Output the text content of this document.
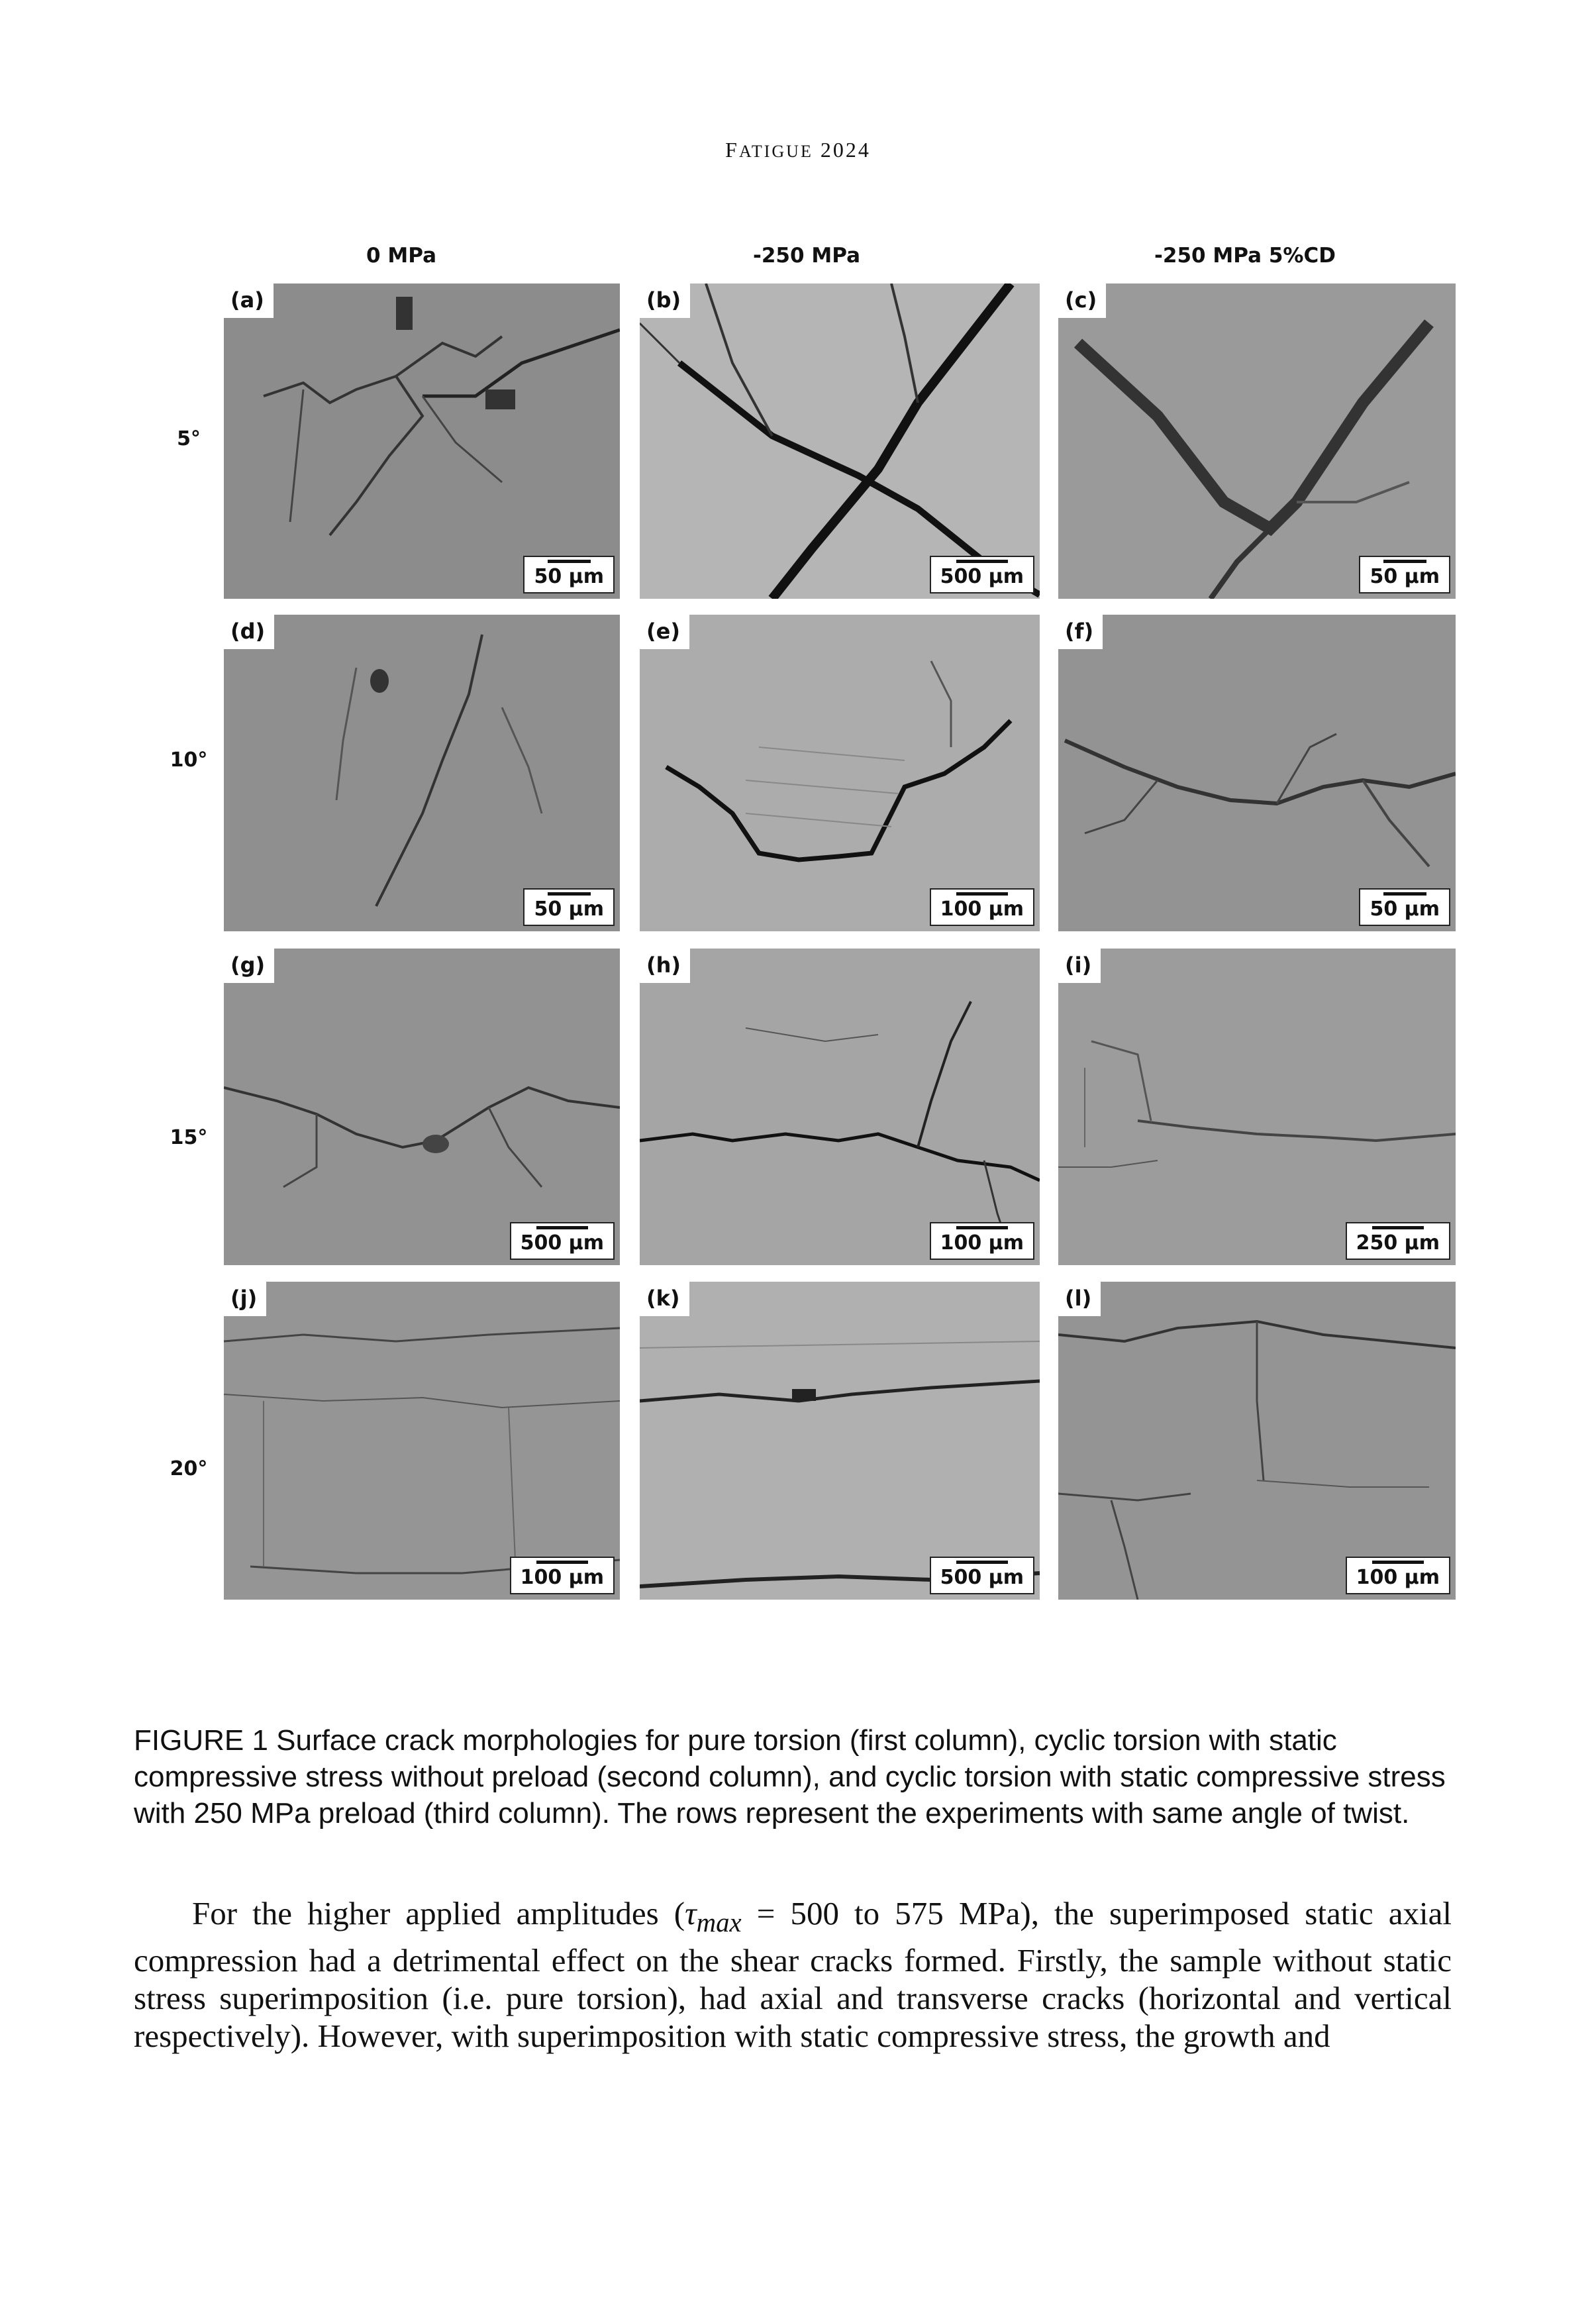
FATIGUE 2024
0 MPa	-250 MPa	-250 MPa 5%CD
5°
10°
15°
20°
(a)
50 µm
(b)
500 µm
(c)
50 µm
(d)
50 µm
(e)
100 µm
(f)
50 µm
(g)
500 µm
(h)
100 µm
(i)
250 µm
(j)
100 µm
(k)
500 µm
(l)
100 µm
FIGURE 1 Surface crack morphologies for pure torsion (first column), cyclic torsion with static compressive stress without preload (second column), and cyclic torsion with static compressive stress with 250 MPa preload (third column). The rows represent the experiments with same angle of twist.
For the higher applied amplitudes ($\tau_{max} = 500$ to 575 MPa), the superimposed static axial compression had a detrimental effect on the shear cracks formed. Firstly, the sample without static stress superimposition (i.e. pure torsion), had axial and transverse cracks (horizontal and vertical respectively). However, with superimposition with static compressive stress, the growth and
